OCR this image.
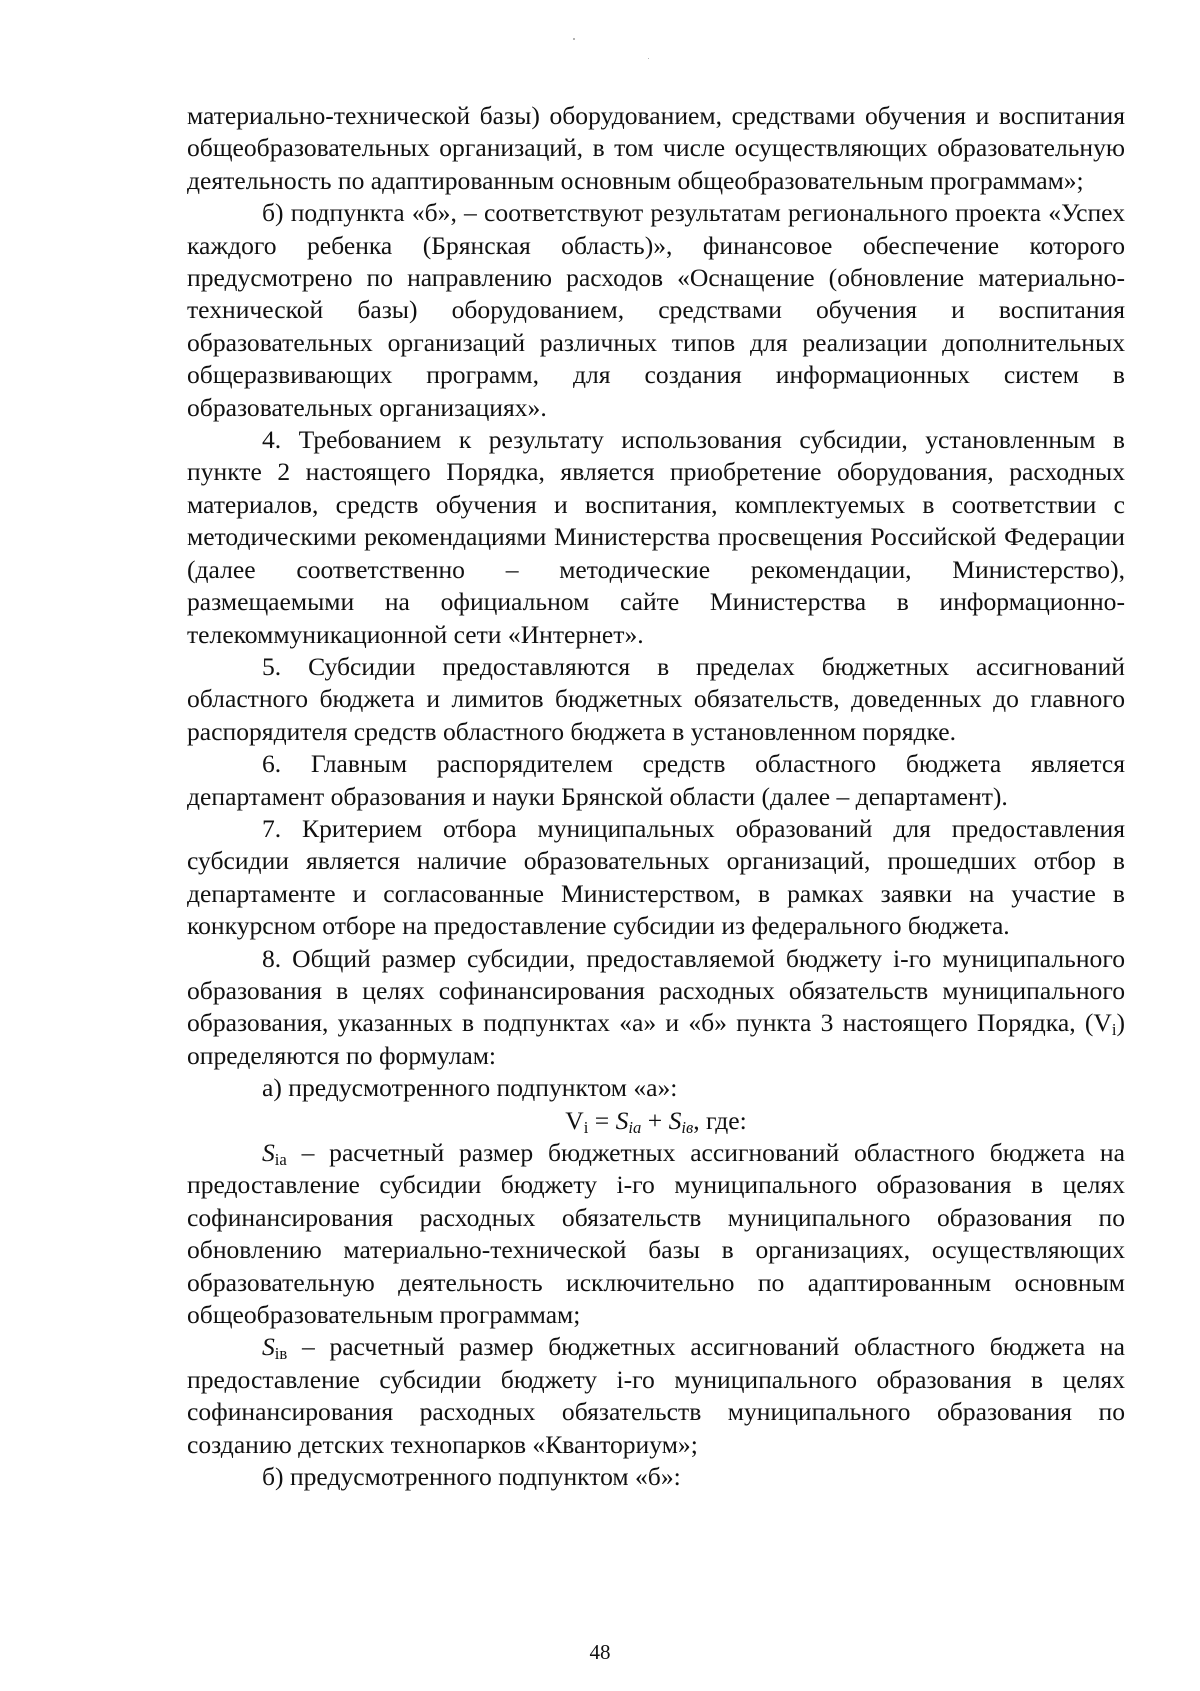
материально-технической базы) оборудованием, средствами обучения и воспитания общеобразовательных организаций, в том числе осуществляющих образовательную деятельность по адаптированным основным общеобразовательным программам»;

б) подпункта «б», – соответствуют результатам регионального проекта «Успех каждого ребенка (Брянская область)», финансовое обеспечение которого предусмотрено по направлению расходов «Оснащение (обновление материально-технической базы) оборудованием, средствами обучения и воспитания образовательных организаций различных типов для реализации дополнительных общеразвивающих программ, для создания информационных систем в образовательных организациях».

4. Требованием к результату использования субсидии, установленным в пункте 2 настоящего Порядка, является приобретение оборудования, расходных материалов, средств обучения и воспитания, комплектуемых в соответствии с методическими рекомендациями Министерства просвещения Российской Федерации (далее соответственно – методические рекомендации, Министерство), размещаемыми на официальном сайте Министерства в информационно-телекоммуникационной сети «Интернет».

5. Субсидии предоставляются в пределах бюджетных ассигнований областного бюджета и лимитов бюджетных обязательств, доведенных до главного распорядителя средств областного бюджета в установленном порядке.

6. Главным распорядителем средств областного бюджета является департамент образования и науки Брянской области (далее – департамент).

7. Критерием отбора муниципальных образований для предоставления субсидии является наличие образовательных организаций, прошедших отбор в департаменте и согласованные Министерством, в рамках заявки на участие в конкурсном отборе на предоставление субсидии из федерального бюджета.

8. Общий размер субсидии, предоставляемой бюджету i-го муниципального образования в целях софинансирования расходных обязательств муниципального образования, указанных в подпунктах «а» и «б» пункта 3 настоящего Порядка, $(V_i)$ определяются по формулам:

а) предусмотренного подпунктом «а»:

$V_i = S_{ia} + S_{iв}$, где:

$S_{ia}$ – расчетный размер бюджетных ассигнований областного бюджета на предоставление субсидии бюджету i-го муниципального образования в целях софинансирования расходных обязательств муниципального образования по обновлению материально-технической базы в организациях, осуществляющих образовательную деятельность исключительно по адаптированным основным общеобразовательным программам;

$S_{iв}$ – расчетный размер бюджетных ассигнований областного бюджета на предоставление субсидии бюджету i-го муниципального образования в целях софинансирования расходных обязательств муниципального образования по созданию детских технопарков «Кванториум»;

б) предусмотренного подпунктом «б»:

48
